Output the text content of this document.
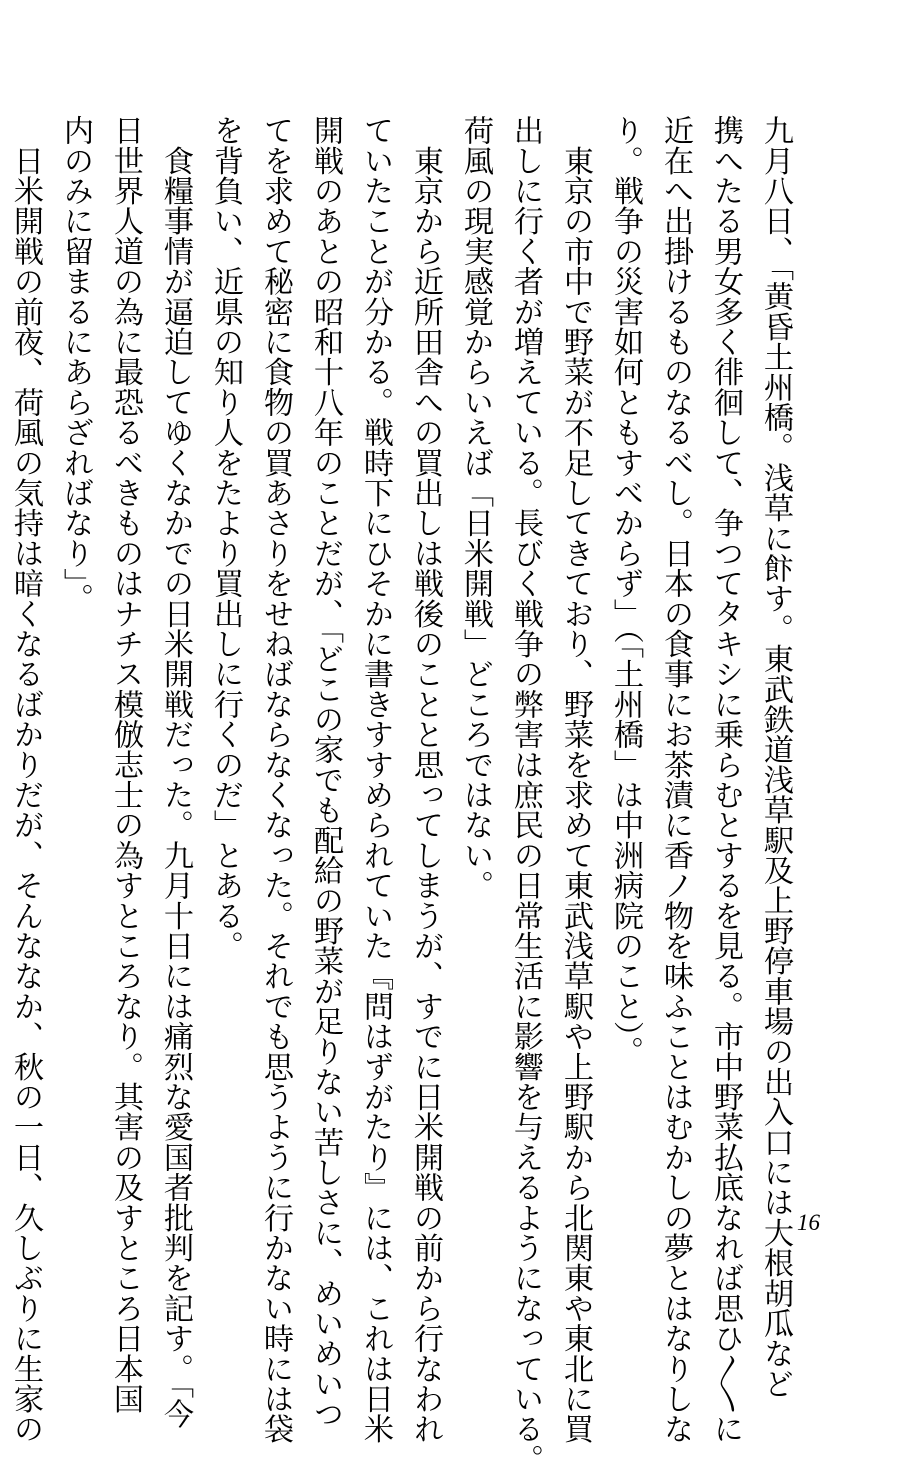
九月八日、「黄昏土州橋。浅草に飰す。東武鉄道浅草駅及上野停車場の出入口には大根胡瓜など
携へたる男女多く徘徊して、争つてタキシに乗らむとするを見る。市中野菜払底なれば思ひ〳〵に
近在へ出掛けるものなるべし。日本の食事にお茶漬に香ノ物を味ふことはむかしの夢とはなりしな
り。戦争の災害如何ともすべからず」（「土州橋」は中洲病院のこと）。
　東京の市中で野菜が不足してきており、野菜を求めて東武浅草駅や上野駅から北関東や東北に買
出しに行く者が増えている。長びく戦争の弊害は庶民の日常生活に影響を与えるようになっている。
荷風の現実感覚からいえば「日米開戦」どころではない。
　東京から近所田舎への買出しは戦後のことと思ってしまうが、すでに日米開戦の前から行なわれ
ていたことが分かる。戦時下にひそかに書きすすめられていた『問はずがたり』には、これは日米
開戦のあとの昭和十八年のことだが、「どこの家でも配給の野菜が足りない苦しさに、めいめいつ
てを求めて秘密に食物の買あさりをせねばならなくなった。それでも思うように行かない時には袋
を背負い、近県の知り人をたより買出しに行くのだ」とある。
　食糧事情が逼迫してゆくなかでの日米開戦だった。九月十日には痛烈な愛国者批判を記す。「今
日世界人道の為に最恐るべきものはナチス模倣志士の為すところなり。其害の及すところ日本国
内のみに留まるにあらざればなり」。
　日米開戦の前夜、荷風の気持は暗くなるばかりだが、そんななか、秋の一日、久しぶりに生家の	16
